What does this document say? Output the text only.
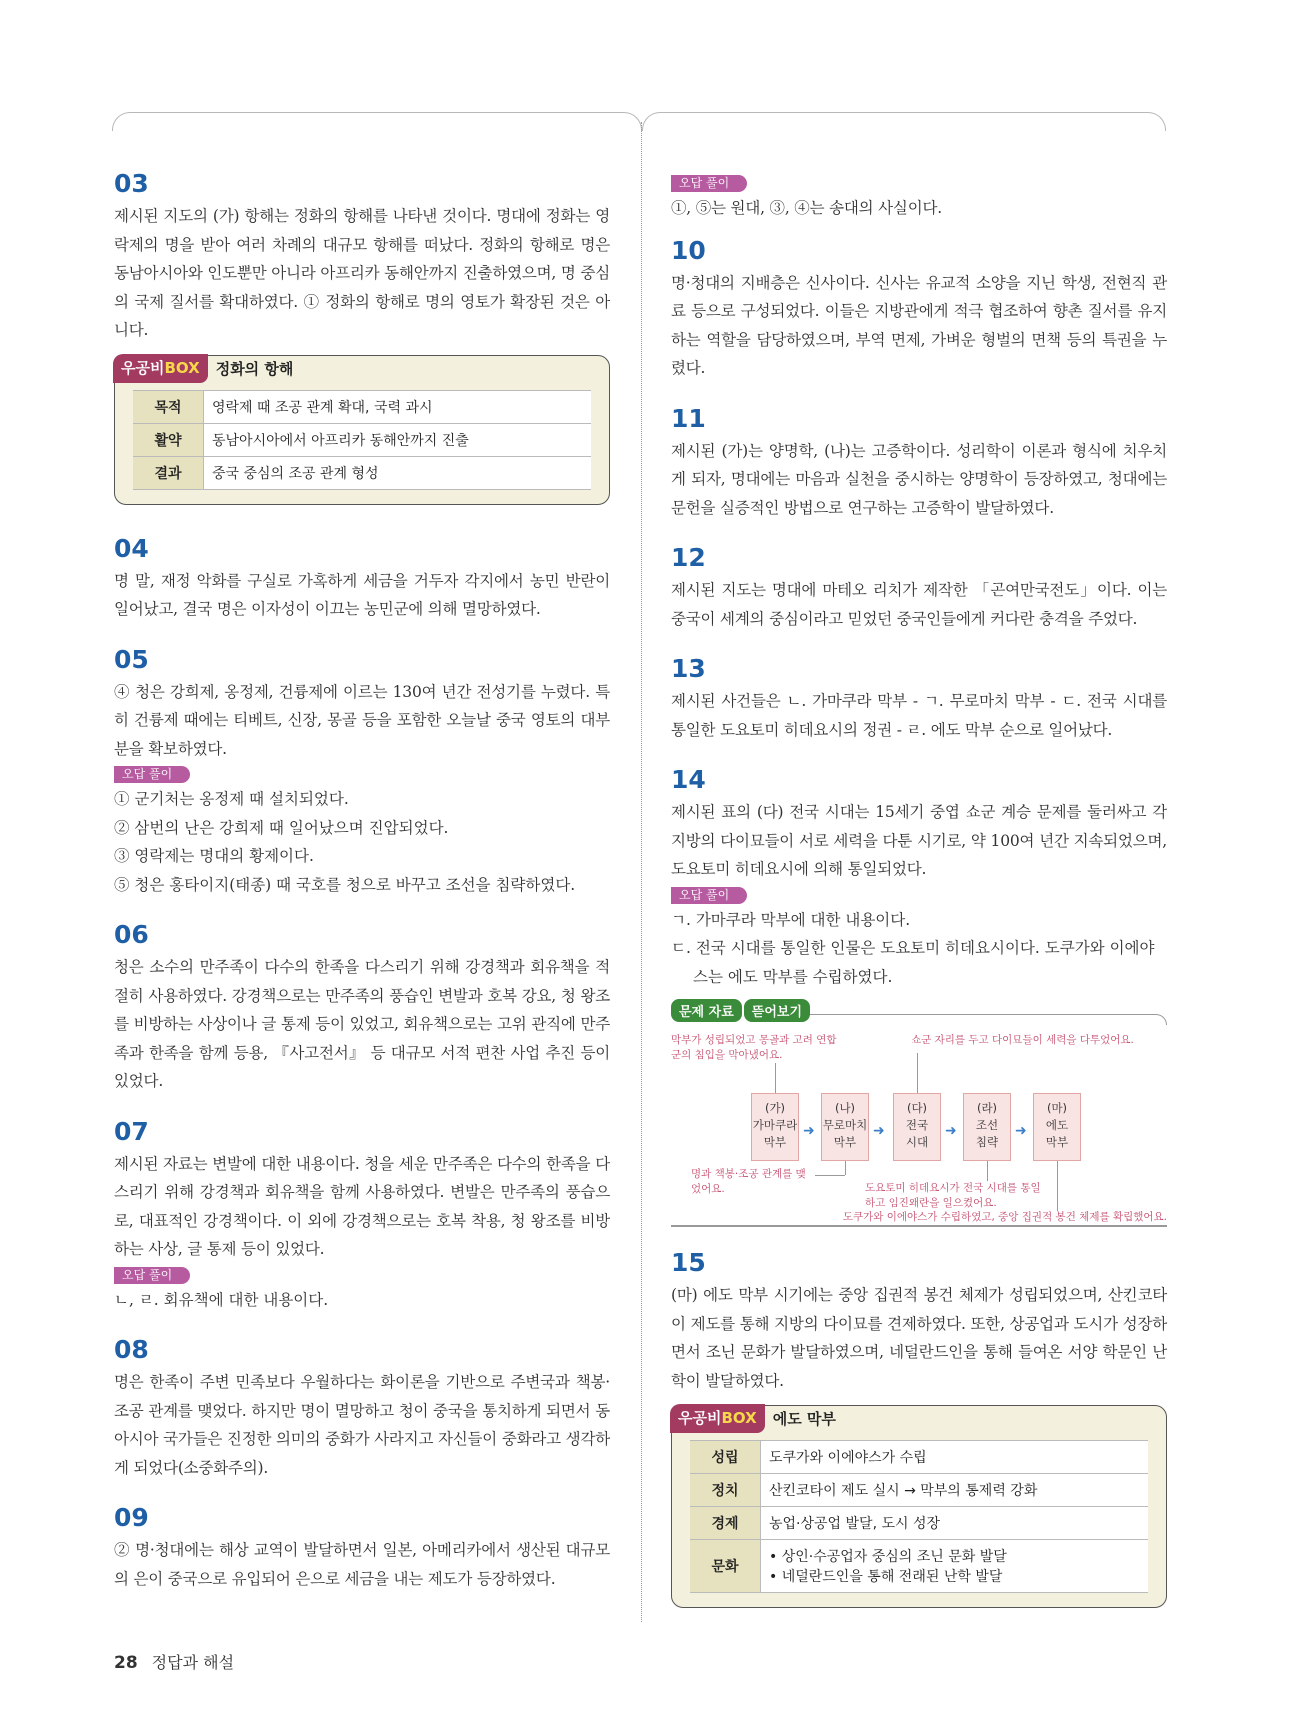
03

제시된 지도의 (가) 항해는 정화의 항해를 나타낸 것이다. 명대에 정화는 영락제의 명을 받아 여러 차례의 대규모 항해를 떠났다. 정화의 항해로 명은 동남아시아와 인도뿐만 아니라 아프리카 동해안까지 진출하였으며, 명 중심의 국제 질서를 확대하였다. ① 정화의 항해로 명의 영토가 확장된 것은 아니다.

우공비BOX	정화의 항해
목적	영락제 때 조공 관계 확대, 국력 과시
활약	동남아시아에서 아프리카 동해안까지 진출
결과	중국 중심의 조공 관계 형성
04

명 말, 재정 악화를 구실로 가혹하게 세금을 거두자 각지에서 농민 반란이 일어났고, 결국 명은 이자성이 이끄는 농민군에 의해 멸망하였다.

05

④ 청은 강희제, 옹정제, 건륭제에 이르는 130여 년간 전성기를 누렸다. 특히 건륭제 때에는 티베트, 신장, 몽골 등을 포함한 오늘날 중국 영토의 대부분을 확보하였다.

오답 풀이
① 군기처는 옹정제 때 설치되었다.
② 삼번의 난은 강희제 때 일어났으며 진압되었다.
③ 영락제는 명대의 황제이다.
⑤ 청은 홍타이지(태종) 때 국호를 청으로 바꾸고 조선을 침략하였다.
06

청은 소수의 만주족이 다수의 한족을 다스리기 위해 강경책과 회유책을 적절히 사용하였다. 강경책으로는 만주족의 풍습인 변발과 호복 강요, 청 왕조를 비방하는 사상이나 글 통제 등이 있었고, 회유책으로는 고위 관직에 만주족과 한족을 함께 등용, 『사고전서』 등 대규모 서적 편찬 사업 추진 등이 있었다.

07

제시된 자료는 변발에 대한 내용이다. 청을 세운 만주족은 다수의 한족을 다스리기 위해 강경책과 회유책을 함께 사용하였다. 변발은 만주족의 풍습으로, 대표적인 강경책이다. 이 외에 강경책으로는 호복 착용, 청 왕조를 비방하는 사상, 글 통제 등이 있었다.

오답 풀이
ㄴ, ㄹ. 회유책에 대한 내용이다.
08

명은 한족이 주변 민족보다 우월하다는 화이론을 기반으로 주변국과 책봉·조공 관계를 맺었다. 하지만 명이 멸망하고 청이 중국을 통치하게 되면서 동아시아 국가들은 진정한 의미의 중화가 사라지고 자신들이 중화라고 생각하게 되었다(소중화주의).

09

② 명·청대에는 해상 교역이 발달하면서 일본, 아메리카에서 생산된 대규모의 은이 중국으로 유입되어 은으로 세금을 내는 제도가 등장하였다.

오답 풀이

①, ⑤는 원대, ③, ④는 송대의 사실이다.

10

명·청대의 지배층은 신사이다. 신사는 유교적 소양을 지닌 학생, 전현직 관료 등으로 구성되었다. 이들은 지방관에게 적극 협조하여 향촌 질서를 유지하는 역할을 담당하였으며, 부역 면제, 가벼운 형벌의 면책 등의 특권을 누렸다.

11

제시된 (가)는 양명학, (나)는 고증학이다. 성리학이 이론과 형식에 치우치게 되자, 명대에는 마음과 실천을 중시하는 양명학이 등장하였고, 청대에는 문헌을 실증적인 방법으로 연구하는 고증학이 발달하였다.

12

제시된 지도는 명대에 마테오 리치가 제작한 「곤여만국전도」이다. 이는 중국이 세계의 중심이라고 믿었던 중국인들에게 커다란 충격을 주었다.

13

제시된 사건들은 ㄴ. 가마쿠라 막부 - ㄱ. 무로마치 막부 - ㄷ. 전국 시대를 통일한 도요토미 히데요시의 정권 - ㄹ. 에도 막부 순으로 일어났다.

14

제시된 표의 (다) 전국 시대는 15세기 중엽 쇼군 계승 문제를 둘러싸고 각 지방의 다이묘들이 서로 세력을 다툰 시기로, 약 100여 년간 지속되었으며, 도요토미 히데요시에 의해 통일되었다.

오답 풀이
ㄱ. 가마쿠라 막부에 대한 내용이다.
ㄷ. 전국 시대를 통일한 인물은 도요토미 히데요시이다. 도쿠가와 이에야스는 에도 막부를 수립하였다.
문제 자료	뜯어보기
막부가 성립되었고 몽골과 고려 연합군의 침입을 막아냈어요.
쇼군 자리를 두고 다이묘들이 세력을 다투었어요.
(가)
가마쿠라
막부
➜
(나)
무로마치
막부
➜
(다)
전국
시대
➜
(라)
조선
침략
➜
(마)
에도
막부
명과 책봉·조공 관계를 맺었어요.	도요토미 히데요시가 전국 시대를 통일하고 임진왜란을 일으켰어요.
도쿠가와 이에야스가 수립하였고, 중앙 집권적 봉건 체제를 확립했어요.
15

(마) 에도 막부 시기에는 중앙 집권적 봉건 체제가 성립되었으며, 산킨코타이 제도를 통해 지방의 다이묘를 견제하였다. 또한, 상공업과 도시가 성장하면서 조닌 문화가 발달하였으며, 네덜란드인을 통해 들여온 서양 학문인 난학이 발달하였다.

우공비BOX	에도 막부
성립	도쿠가와 이에야스가 수립
정치	산킨코타이 제도 실시 → 막부의 통제력 강화
경제	농업·상공업 발달, 도시 성장
문화	• 상인·수공업자 중심의 조닌 문화 발달
• 네덜란드인을 통해 전래된 난학 발달
28 정답과 해설
